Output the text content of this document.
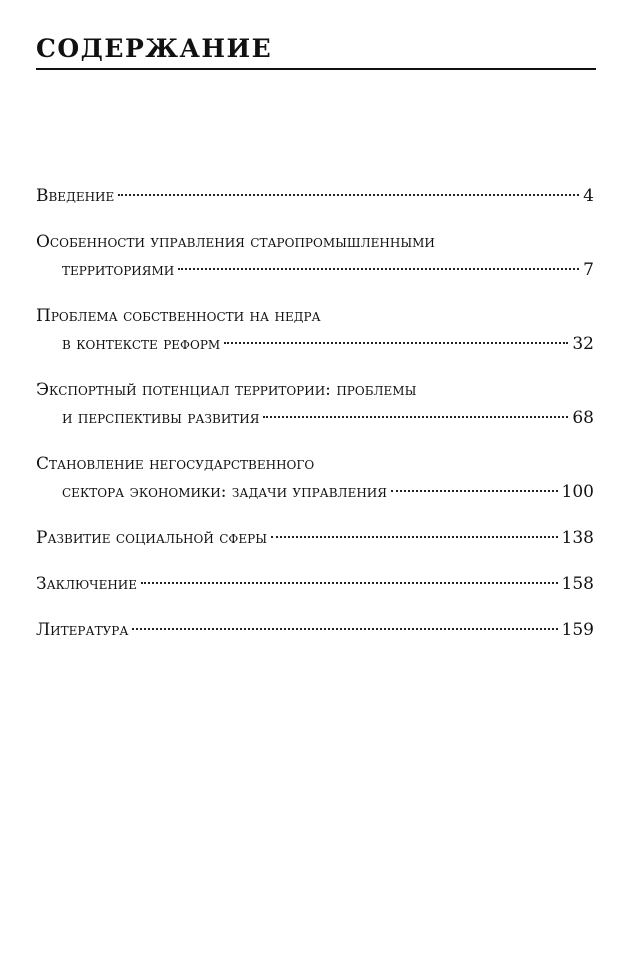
СОДЕРЖАНИЕ
Введение	4
Особенности управления старопромышленными
территориями	7
Проблема собственности на недра
в контексте реформ	32
Экспортный потенциал территории: проблемы
и перспективы развития	68
Становление негосударственного
сектора экономики: задачи управления	100
Развитие социальной сферы	138
Заключение	158
Литература	159
